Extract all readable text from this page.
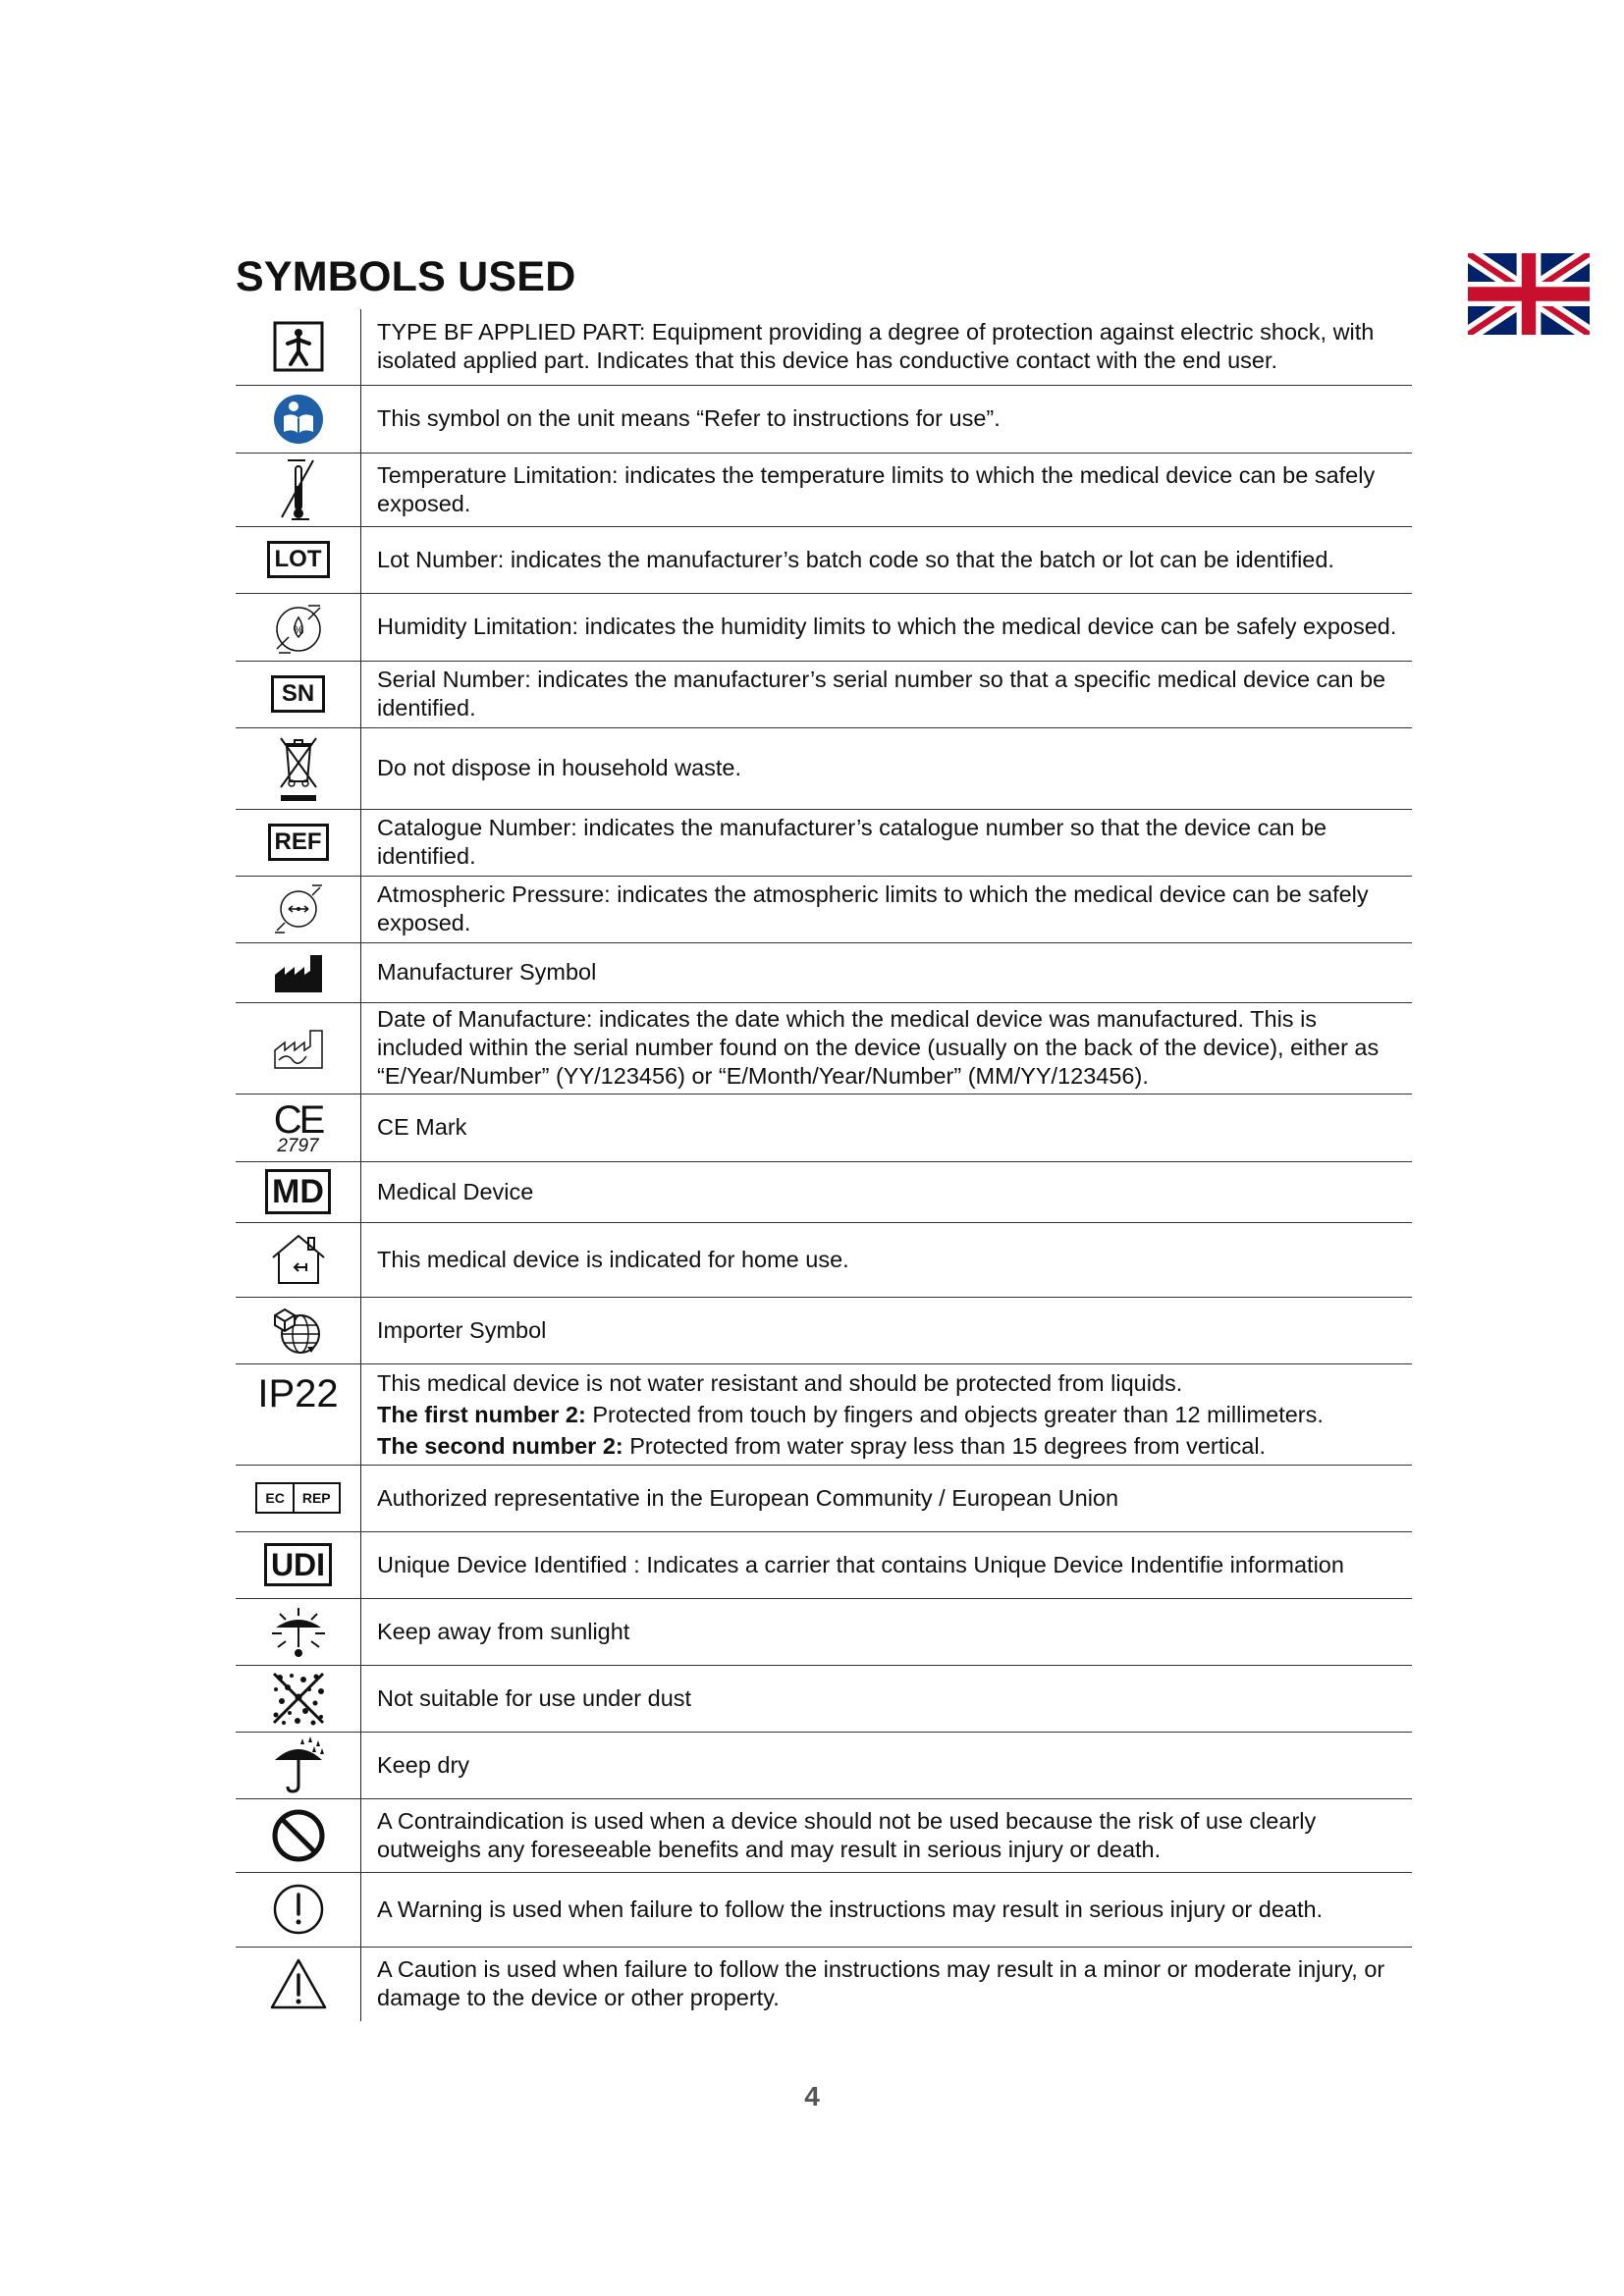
SYMBOLS USED
	TYPE BF APPLIED PART: Equipment providing a degree of protection against electric shock, with isolated applied part. Indicates that this device has conductive contact with the end user.

	This symbol on the unit means “Refer to instructions for use”.

	Temperature Limitation: indicates the temperature limits to which the medical device can be safely exposed.
LOT	Lot Number: indicates the manufacturer’s batch code so that the batch or lot can be identified.

%	Humidity Limitation: indicates the humidity limits to which the medical device can be safely exposed.
SN	Serial Number: indicates the manufacturer’s serial number so that a specific medical device can be identified.

	Do not dispose in household waste.
REF	Catalogue Number: indicates the manufacturer’s catalogue number so that the device can be identified.

	Atmospheric Pressure: indicates the atmospheric limits to which the medical device can be safely exposed.

	Manufacturer Symbol

	Date of Manufacture: indicates the date which the medical device was manufactured. This is included within the serial number found on the device (usually on the back of the device), either as “E/Year/Number” (YY/123456) or “E/Month/Year/Number” (MM/YY/123456).

CE
2797	CE Mark
MD	Medical Device

	This medical device is indicated for home use.

	Importer Symbol
IP22	This medical device is not water resistant and should be protected from liquids.
The first number 2: Protected from touch by fingers and objects greater than 12 millimeters.
The second number 2: Protected from water spray less than 15 degrees from vertical.

EC REP	Authorized representative in the European Community / European Union
UDI	Unique Device Identified : Indicates a carrier that contains Unique Device Indentifie information

	Keep away from sunlight

	Not suitable for use under dust

	Keep dry

	A Contraindication is used when a device should not be used because the risk of use clearly outweighs any foreseeable benefits and may result in serious injury or death.

	A Warning is used when failure to follow the instructions may result in serious injury or death.

	A Caution is used when failure to follow the instructions may result in a minor or moderate injury, or damage to the device or other property.
4
